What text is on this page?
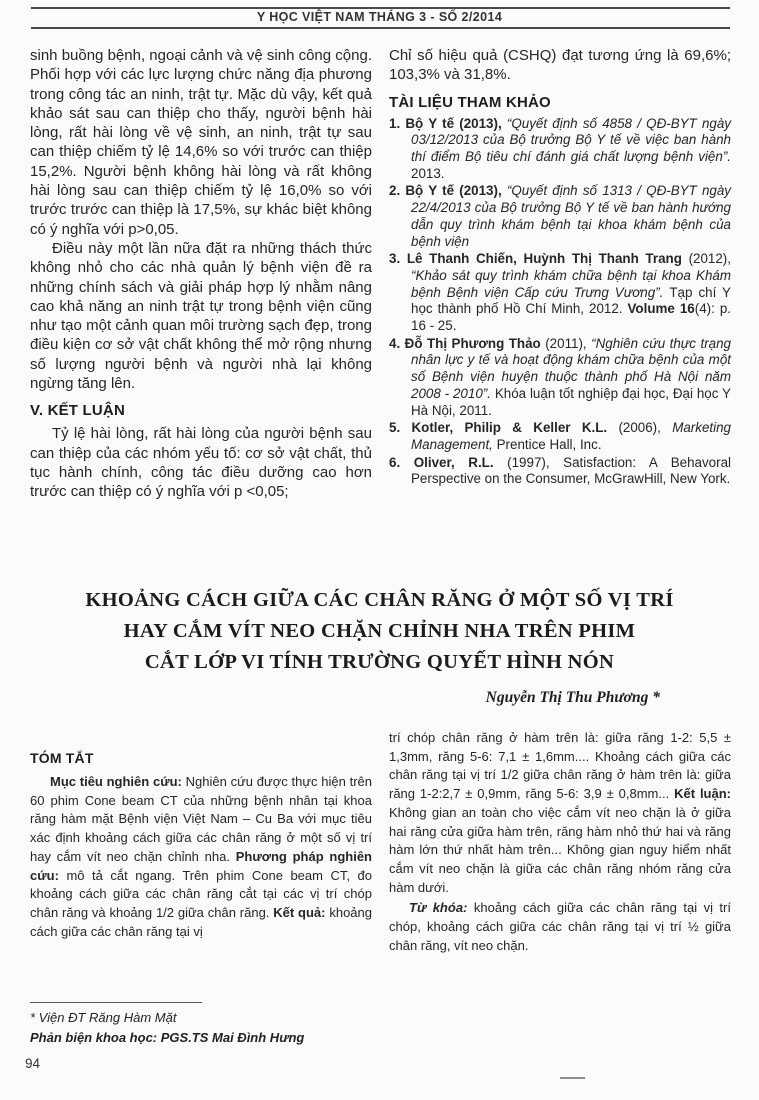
Y HỌC VIỆT NAM THÁNG 3 - SỐ 2/2014

sinh buồng bệnh, ngoại cảnh và vệ sinh công cộng. Phối hợp với các lực lượng chức năng địa phương trong công tác an ninh, trật tự. Mặc dù vậy, kết quả khảo sát sau can thiệp cho thấy, người bệnh hài lòng, rất hài lòng về vệ sinh, an ninh, trật tự sau can thiệp chiếm tỷ lệ 14,6% so với trước can thiệp 15,2%. Người bệnh không hài lòng và rất không hài lòng sau can thiệp chiếm tỷ lệ 16,0% so với trước trước can thiệp là 17,5%, sự khác biệt không có ý nghĩa với p>0,05.

Điều này một lần nữa đặt ra những thách thức không nhỏ cho các nhà quản lý bệnh viện đề ra những chính sách và giải pháp hợp lý nhằm nâng cao khả năng an ninh trật tự trong bệnh viện cũng như tạo một cảnh quan môi trường sạch đẹp, trong điều kiện cơ sở vật chất không thể mở rộng nhưng số lượng người bệnh và người nhà lại không ngừng tăng lên.

V. KẾT LUẬN

Tỷ lệ hài lòng, rất hài lòng của người bệnh sau can thiệp của các nhóm yếu tố: cơ sở vật chất, thủ tục hành chính, công tác điều dưỡng cao hơn trước can thiệp có ý nghĩa với p <0,05;

Chỉ số hiệu quả (CSHQ) đạt tương ứng là 69,6%; 103,3% và 31,8%.

TÀI LIỆU THAM KHẢO
1. Bộ Y tế (2013), “Quyết định số 4858 / QĐ-BYT ngày 03/12/2013 của Bộ trưởng Bộ Y tế về việc ban hành thí điểm Bộ tiêu chí đánh giá chất lượng bệnh viện”. 2013.
2. Bộ Y tế (2013), “Quyết định số 1313 / QĐ-BYT ngày 22/4/2013 của Bộ trưởng Bộ Y tế về ban hành hướng dẫn quy trình khám bệnh tại khoa khám bệnh của bệnh viện
3. Lê Thanh Chiến, Huỳnh Thị Thanh Trang (2012), “Khảo sát quy trình khám chữa bệnh tại khoa Khám bệnh Bệnh viện Cấp cứu Trưng Vương”. Tạp chí Y học thành phố Hồ Chí Minh, 2012. Volume 16(4): p. 16 - 25.
4. Đỗ Thị Phương Thảo (2011), “Nghiên cứu thực trạng nhân lực y tế và hoạt động khám chữa bệnh của một số Bệnh viện huyện thuộc thành phố Hà Nội năm 2008 - 2010”. Khóa luận tốt nghiệp đại học, Đại học Y Hà Nội, 2011.
5. Kotler, Philip & Keller K.L. (2006), Marketing Management, Prentice Hall, Inc.
6. Oliver, R.L. (1997), Satisfaction: A Behavoral Perspective on the Consumer, McGrawHill, New York.
KHOẢNG CÁCH GIỮA CÁC CHÂN RĂNG Ở MỘT SỐ VỊ TRÍ
HAY CẮM VÍT NEO CHẶN CHỈNH NHA TRÊN PHIM
CẮT LỚP VI TÍNH TRƯỜNG QUYẾT HÌNH NÓN
Nguyễn Thị Thu Phương *
TÓM TẮT

Mục tiêu nghiên cứu: Nghiên cứu được thực hiện trên 60 phim Cone beam CT của những bệnh nhân tại khoa răng hàm mặt Bệnh viện Việt Nam – Cu Ba với mục tiêu xác định khoảng cách giữa các chân răng ở một số vị trí hay cắm vít neo chặn chỉnh nha. Phương pháp nghiên cứu: mô tả cắt ngang. Trên phim Cone beam CT, đo khoảng cách giữa các chân răng cắt tại các vị trí chóp chân răng và khoảng 1/2 giữa chân răng. Kết quả: khoảng cách giữa các chân răng tại vị

trí chóp chân răng ở hàm trên là: giữa răng 1-2: 5,5 ± 1,3mm, răng 5-6: 7,1 ± 1,6mm.... Khoảng cách giữa các chân răng tại vị trí 1/2 giữa chân răng ở hàm trên là: giữa răng 1-2:2,7 ± 0,9mm, răng 5-6: 3,9 ± 0,8mm... Kết luận: Không gian an toàn cho việc cắm vít neo chặn là ở giữa hai răng cửa giữa hàm trên, răng hàm nhỏ thứ hai và răng hàm lớn thứ nhất hàm trên... Không gian nguy hiểm nhất cắm vít neo chặn là giữa các chân răng nhóm răng cửa hàm dưới.

Từ khóa: khoảng cách giữa các chân răng tại vị trí chóp, khoảng cách giữa các chân răng tại vị trí ½ giữa chân răng, vít neo chặn.

* Viện ĐT Răng Hàm Mặt
Phản biện khoa học: PGS.TS Mai Đình Hưng
94
